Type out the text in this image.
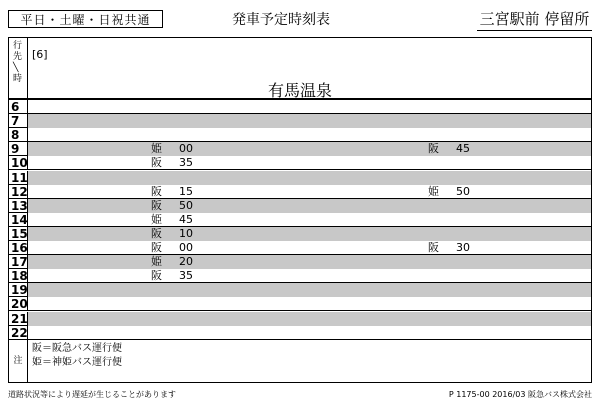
平日・土曜・日祝共通	発車予定時刻表	三宮駅前 停留所
行
先
╲
時
[6]
有馬温泉
6
7
8
9	姫 00	阪 45
10	阪 35
11
12	阪 15	姫 50
13	阪 50
14	姫 45
15	阪 10
16	阪 00	阪 30
17	姫 20
18	阪 35
19
20
21
22
注
阪＝阪急バス運行便
姫＝神姫バス運行便
道路状況等により遅延が生じることがあります	P 1175-00 2016/03 阪急バス株式会社
